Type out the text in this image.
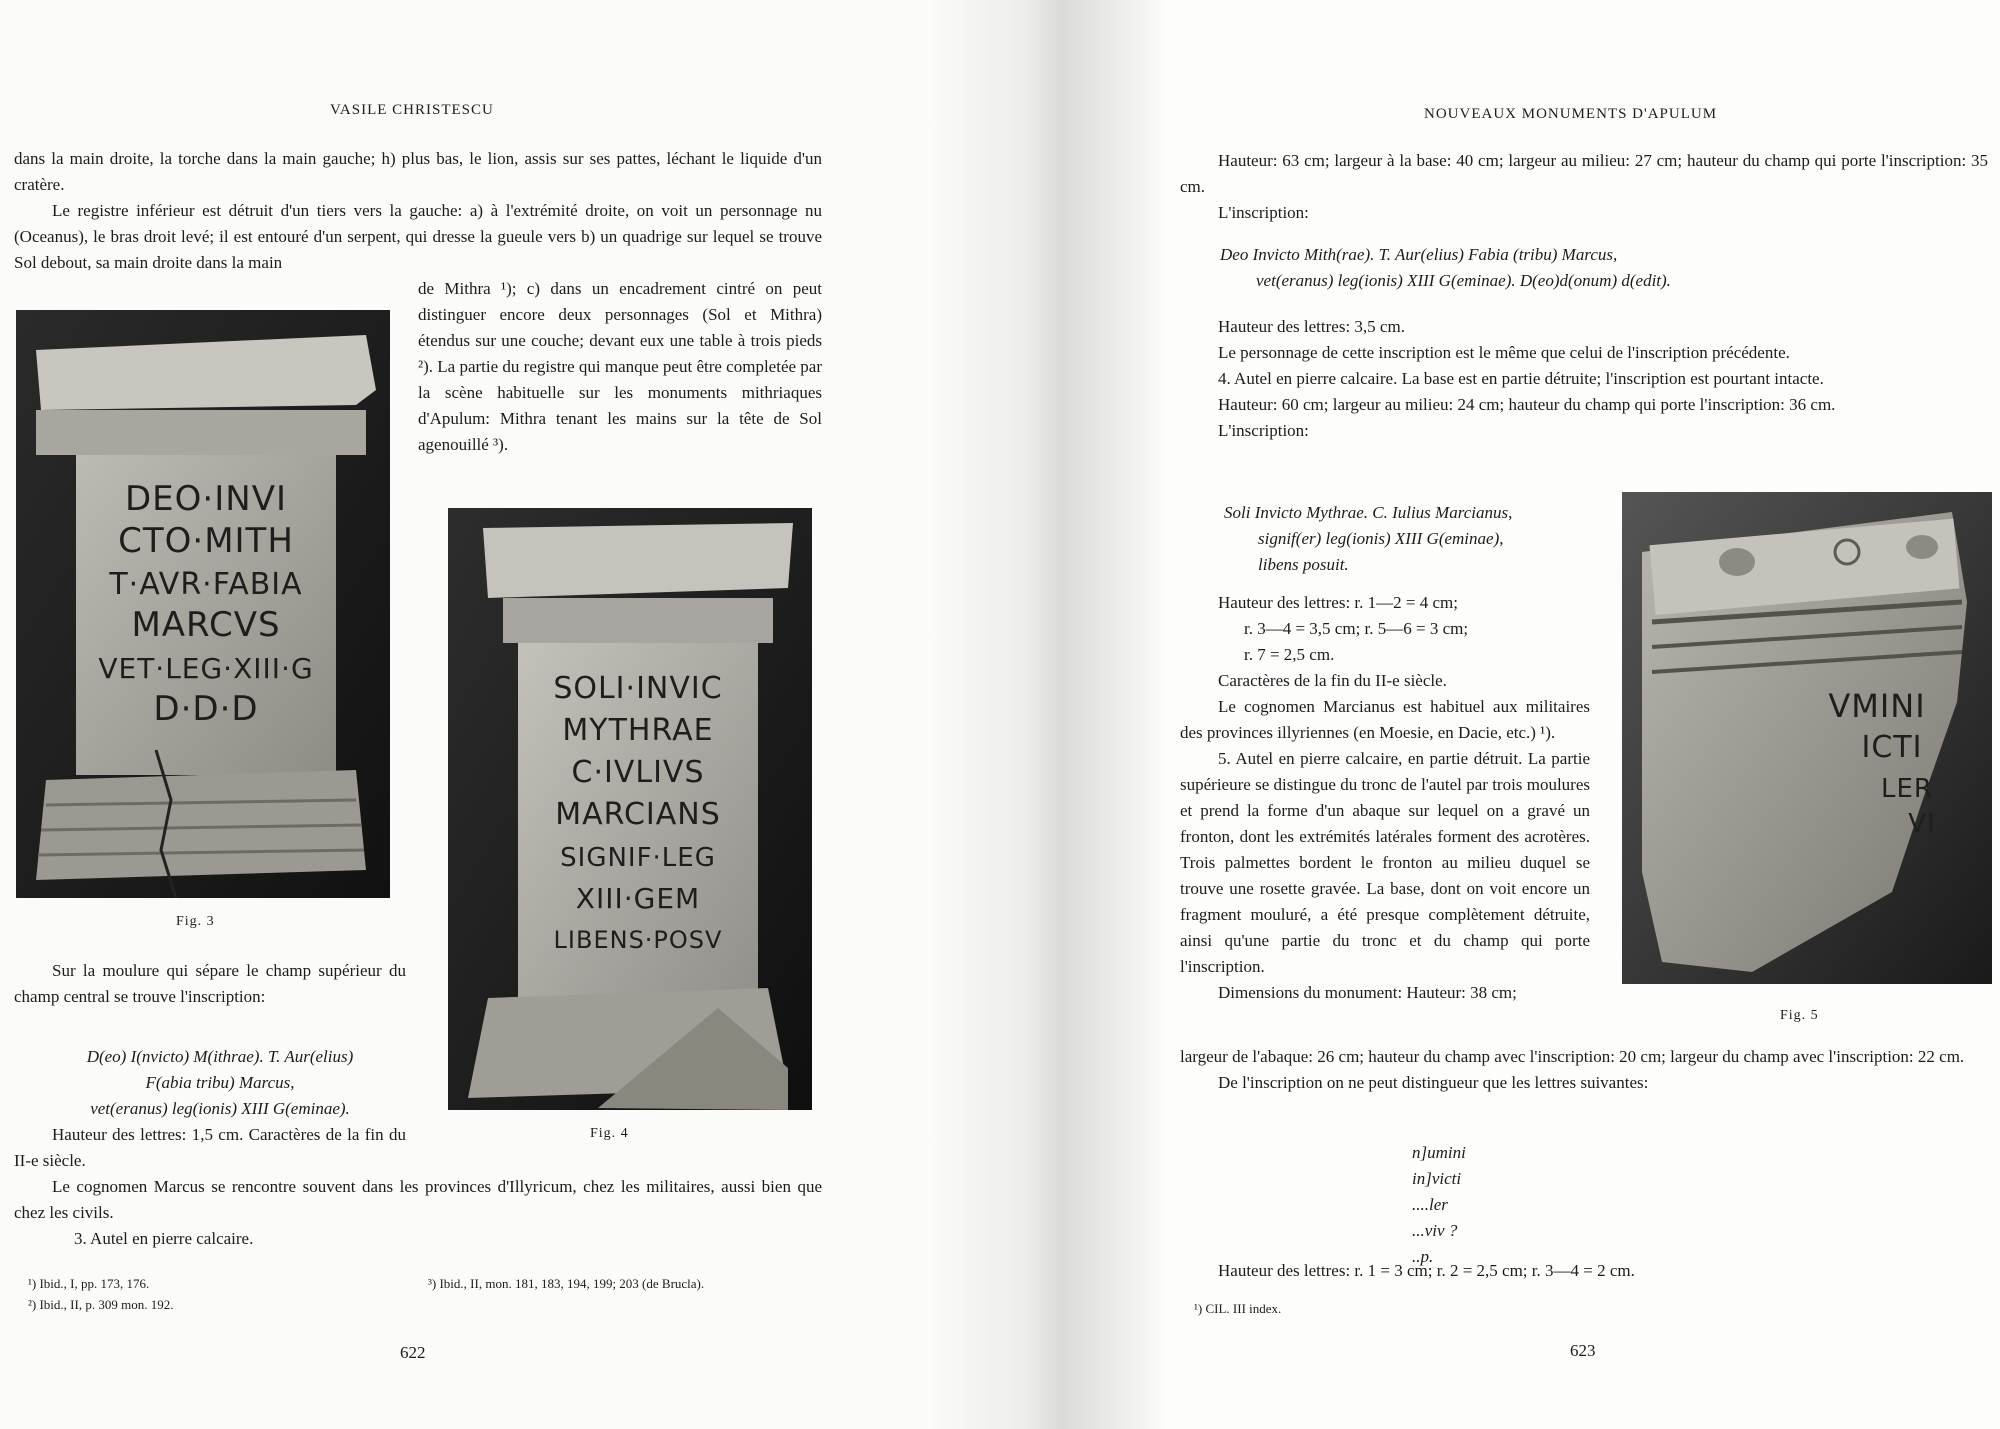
VASILE CHRISTESCU

dans la main droite, la torche dans la main gauche; h) plus bas, le lion, assis sur ses pattes, léchant le liquide d'un cratère.

Le registre inférieur est détruit d'un tiers vers la gauche: a) à l'extrémité droite, on voit un personnage nu (Oceanus), le bras droit levé; il est entouré d'un serpent, qui dresse la gueule vers b) un quadrige sur lequel se trouve Sol debout, sa main droite dans la main

de Mithra ¹); c) dans un encadrement cintré on peut distinguer encore deux personnages (Sol et Mithra) étendus sur une couche; devant eux une table à trois pieds ²). La partie du registre qui manque peut être completée par la scène habituelle sur les monuments mithriaques d'Apulum: Mithra tenant les mains sur la tête de Sol agenouillé ³).
DEO·INVI
CTO·MITH
T·AVR·FABIA
MARCVS
VET·LEG·XIII·G
D·D·D
Fig. 3
SOLI·INVIC
MYTHRAE
C·IVLIVS
MARCIANS
SIGNIF·LEG
XIII·GEM
LIBENS·POSV
Fig. 4

Sur la moulure qui sépare le champ supérieur du champ central se trouve l'inscription:

D(eo) I(nvicto) M(ithrae). T. Aur(elius)

F(abia tribu) Marcus,

vet(eranus) leg(ionis) XIII G(eminae).

Hauteur des lettres: 1,5 cm. Caractères de la fin du II-e siècle.

Le cognomen Marcus se rencontre souvent dans les provinces d'Illyricum, chez les militaires, aussi bien que chez les civils.

3. Autel en pierre calcaire.

¹) Ibid., I, pp. 173, 176.

²) Ibid., II, p. 309 mon. 192.

³) Ibid., II, mon. 181, 183, 194, 199; 203 (de Brucla).
622
NOUVEAUX MONUMENTS D'APULUM

Hauteur: 63 cm; largeur à la base: 40 cm; largeur au milieu: 27 cm; hauteur du champ qui porte l'inscription: 35 cm.

L'inscription:

Deo Invicto Mith(rae). T. Aur(elius) Fabia (tribu) Marcus,

vet(eranus) leg(ionis) XIII G(eminae). D(eo)d(onum) d(edit).

Hauteur des lettres: 3,5 cm.

Le personnage de cette inscription est le même que celui de l'inscription précédente.

4. Autel en pierre calcaire. La base est en partie détruite; l'inscription est pourtant intacte.

Hauteur: 60 cm; largeur au milieu: 24 cm; hauteur du champ qui porte l'inscription: 36 cm.

L'inscription:

Soli Invicto Mythrae. C. Iulius Marcianus,

signif(er) leg(ionis) XIII G(eminae),

libens posuit.

Hauteur des lettres: r. 1—2 = 4 cm;

r. 3—4 = 3,5 cm; r. 5—6 = 3 cm;

r. 7 = 2,5 cm.

Caractères de la fin du II-e siècle.

Le cognomen Marcianus est habituel aux militaires des provinces illyriennes (en Moesie, en Dacie, etc.) ¹).

5. Autel en pierre calcaire, en partie détruit. La partie supérieure se distingue du tronc de l'autel par trois moulures et prend la forme d'un abaque sur lequel on a gravé un fronton, dont les extrémités latérales forment des acrotères. Trois palmettes bordent le fronton au milieu duquel se trouve une rosette gravée. La base, dont on voit encore un fragment mouluré, a été presque complètement détruite, ainsi qu'une partie du tronc et du champ qui porte l'inscription.

Dimensions du monument: Hauteur: 38 cm;

VMINI
ICTI
LER
VI
Fig. 5

largeur de l'abaque: 26 cm; hauteur du champ avec l'inscription: 20 cm; largeur du champ avec l'inscription: 22 cm.

De l'inscription on ne peut distingueur que les lettres suivantes:

n]umini

in]victi

....ler

...viv ?

..p.

Hauteur des lettres: r. 1 = 3 cm; r. 2 = 2,5 cm; r. 3—4 = 2 cm.

¹) CIL. III index.
623
